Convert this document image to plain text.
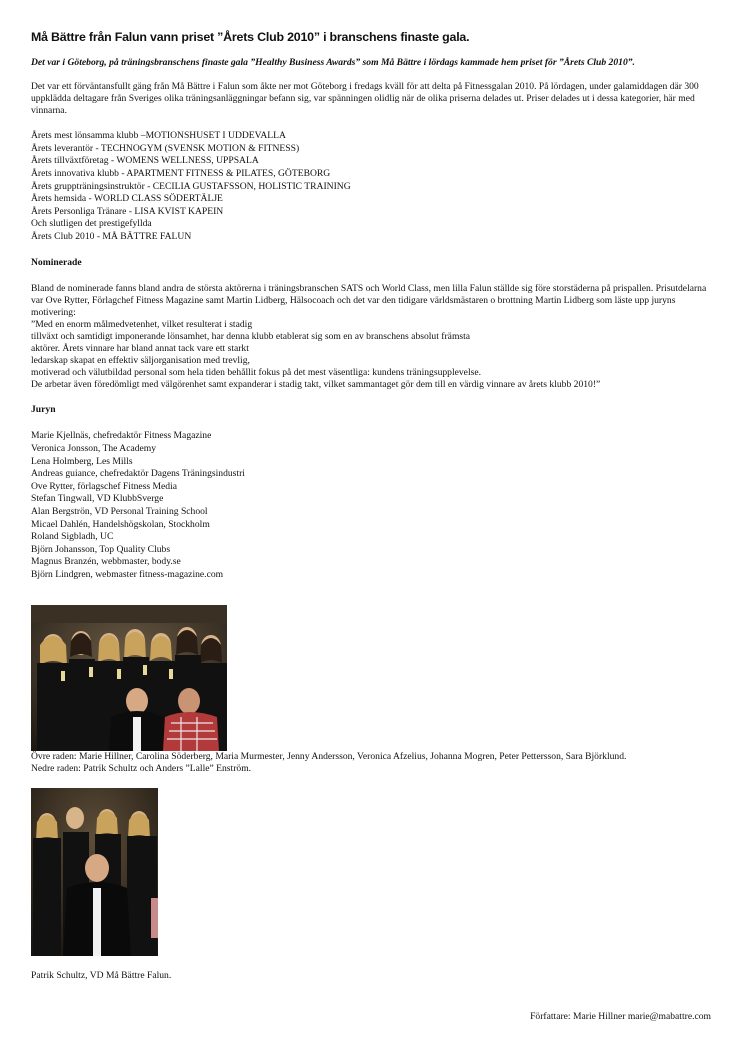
Må Bättre från Falun vann priset ”Årets Club 2010” i branschens finaste gala.
Det var i Göteborg, på träningsbranschens finaste gala ”Healthy Business Awards” som Må Bättre i lördags kammade hem priset för ”Årets Club 2010”.

Det var ett förväntansfullt gäng från Må Bättre i Falun som åkte ner mot Göteborg i fredags kväll för att delta på Fitnessgalan 2010. På lördagen, under galamiddagen där 300 uppklädda deltagare från Sveriges olika träningsanläggningar befann sig, var spänningen olidlig när de olika priserna delades ut. Priser delades ut i dessa kategorier, här med vinnarna.

Årets mest lönsamma klubb –MOTIONSHUSET I UDDEVALLA
Årets leverantör - TECHNOGYM (SVENSK MOTION & FITNESS)
Årets tillväxtföretag - WOMENS WELLNESS, UPPSALA
Årets innovativa klubb - APARTMENT FITNESS & PILATES, GÖTEBORG
Årets gruppträningsinstruktör - CECILIA GUSTAFSSON, HOLISTIC TRAINING
Årets hemsida - WORLD CLASS SÖDERTÄLJE
Årets Personliga Tränare - LISA KVIST KAPEIN
Och slutligen det prestigefyllda
Årets Club 2010 - MÅ BÄTTRE FALUN
Nominerade

Bland de nominerade fanns bland andra de största aktörerna i träningsbranschen SATS och World Class, men lilla Falun ställde sig före storstäderna på prispallen. Prisutdelarna var Ove Rytter, Förlagchef Fitness Magazine samt Martin Lidberg, Hälsocoach och det var den tidigare världsmästaren o brottning Martin Lidberg som läste upp juryns motivering:

”Med en enorm målmedvetenhet, vilket resulterat i stadig
tillväxt och samtidigt imponerande lönsamhet, har denna klubb etablerat sig som en av branschens absolut främsta
aktörer. Årets vinnare har bland annat tack vare ett starkt
ledarskap skapat en effektiv säljorganisation med trevlig,
motiverad och välutbildad personal som hela tiden behållit fokus på det mest väsentliga: kundens träningsupplevelse.
De arbetar även föredömligt med välgörenhet samt expanderar i stadig takt, vilket sammantaget gör dem till en värdig vinnare av årets klubb 2010!”
Juryn
Marie Kjellnäs, chefredaktör Fitness Magazine
Veronica Jonsson, The Academy
Lena Holmberg, Les Mills
Andreas guiance, chefredaktör Dagens Träningsindustri
Ove Rytter, förlagschef Fitness Media
Stefan Tingwall, VD KlubbSverge
Alan Bergströn, VD Personal Training School
Micael Dahlén, Handelshögskolan, Stockholm
Roland Sigbladh, UC
Björn Johansson, Top Quality Clubs
Magnus Branzén, webbmaster, body.se
Björn Lindgren, webmaster fitness-magazine.com
Övre raden: Marie Hillner, Carolina Söderberg, Maria Murmester, Jenny Andersson, Veronica Afzelius, Johanna Mogren, Peter Pettersson, Sara Björklund.
Nedre raden: Patrik Schultz och Anders ”Lalle” Enström.
Patrik Schultz, VD Må Bättre Falun.
Författare: Marie Hillner marie@mabattre.com
